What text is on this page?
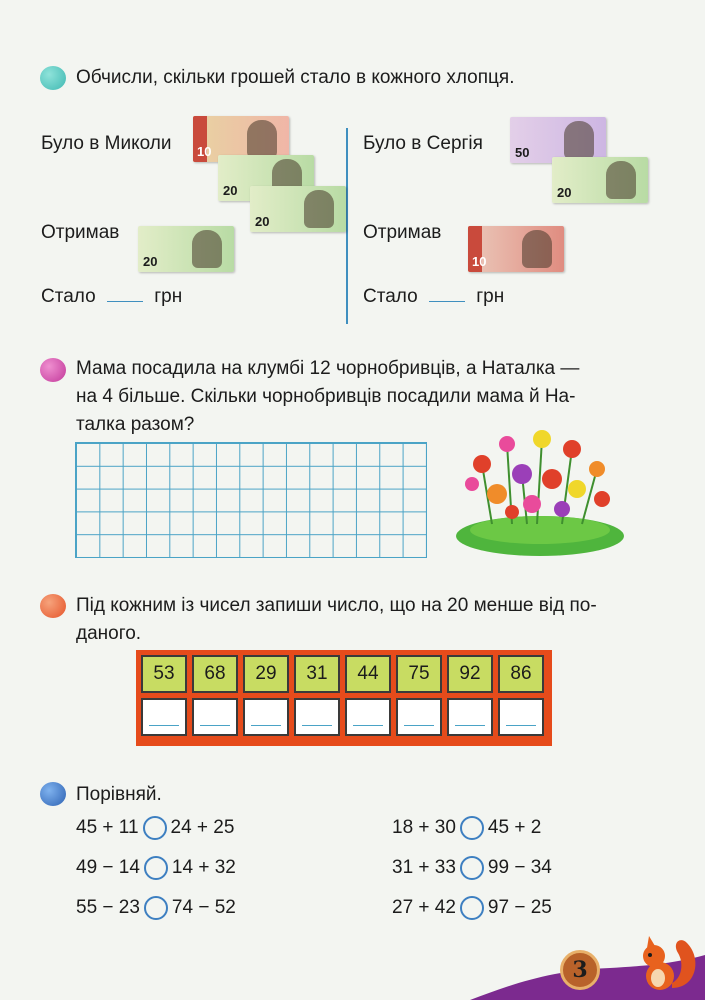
Обчисли, скільки грошей стало в кожного хлопця.
Було в Миколи 10
20
20
Отримав
20
Стало	грн
Було в Сергія 50
20
Отримав
10
Стало	грн
Мама посадила на клумбі 12 чорнобривців, а Наталка —
на 4 більше. Скільки чорнобривців посадили мама й На-
талка разом?
Під кожним із чисел запиши число, що на 20 менше від по-
даного.
53	68	29	31	44	75	92	86
Порівняй.
45 + 11 24 + 25
49 − 14 14 + 32
55 − 23 74 − 52
18 + 30 45 + 2
31 + 33 99 − 34
27 + 42 97 − 25
3
